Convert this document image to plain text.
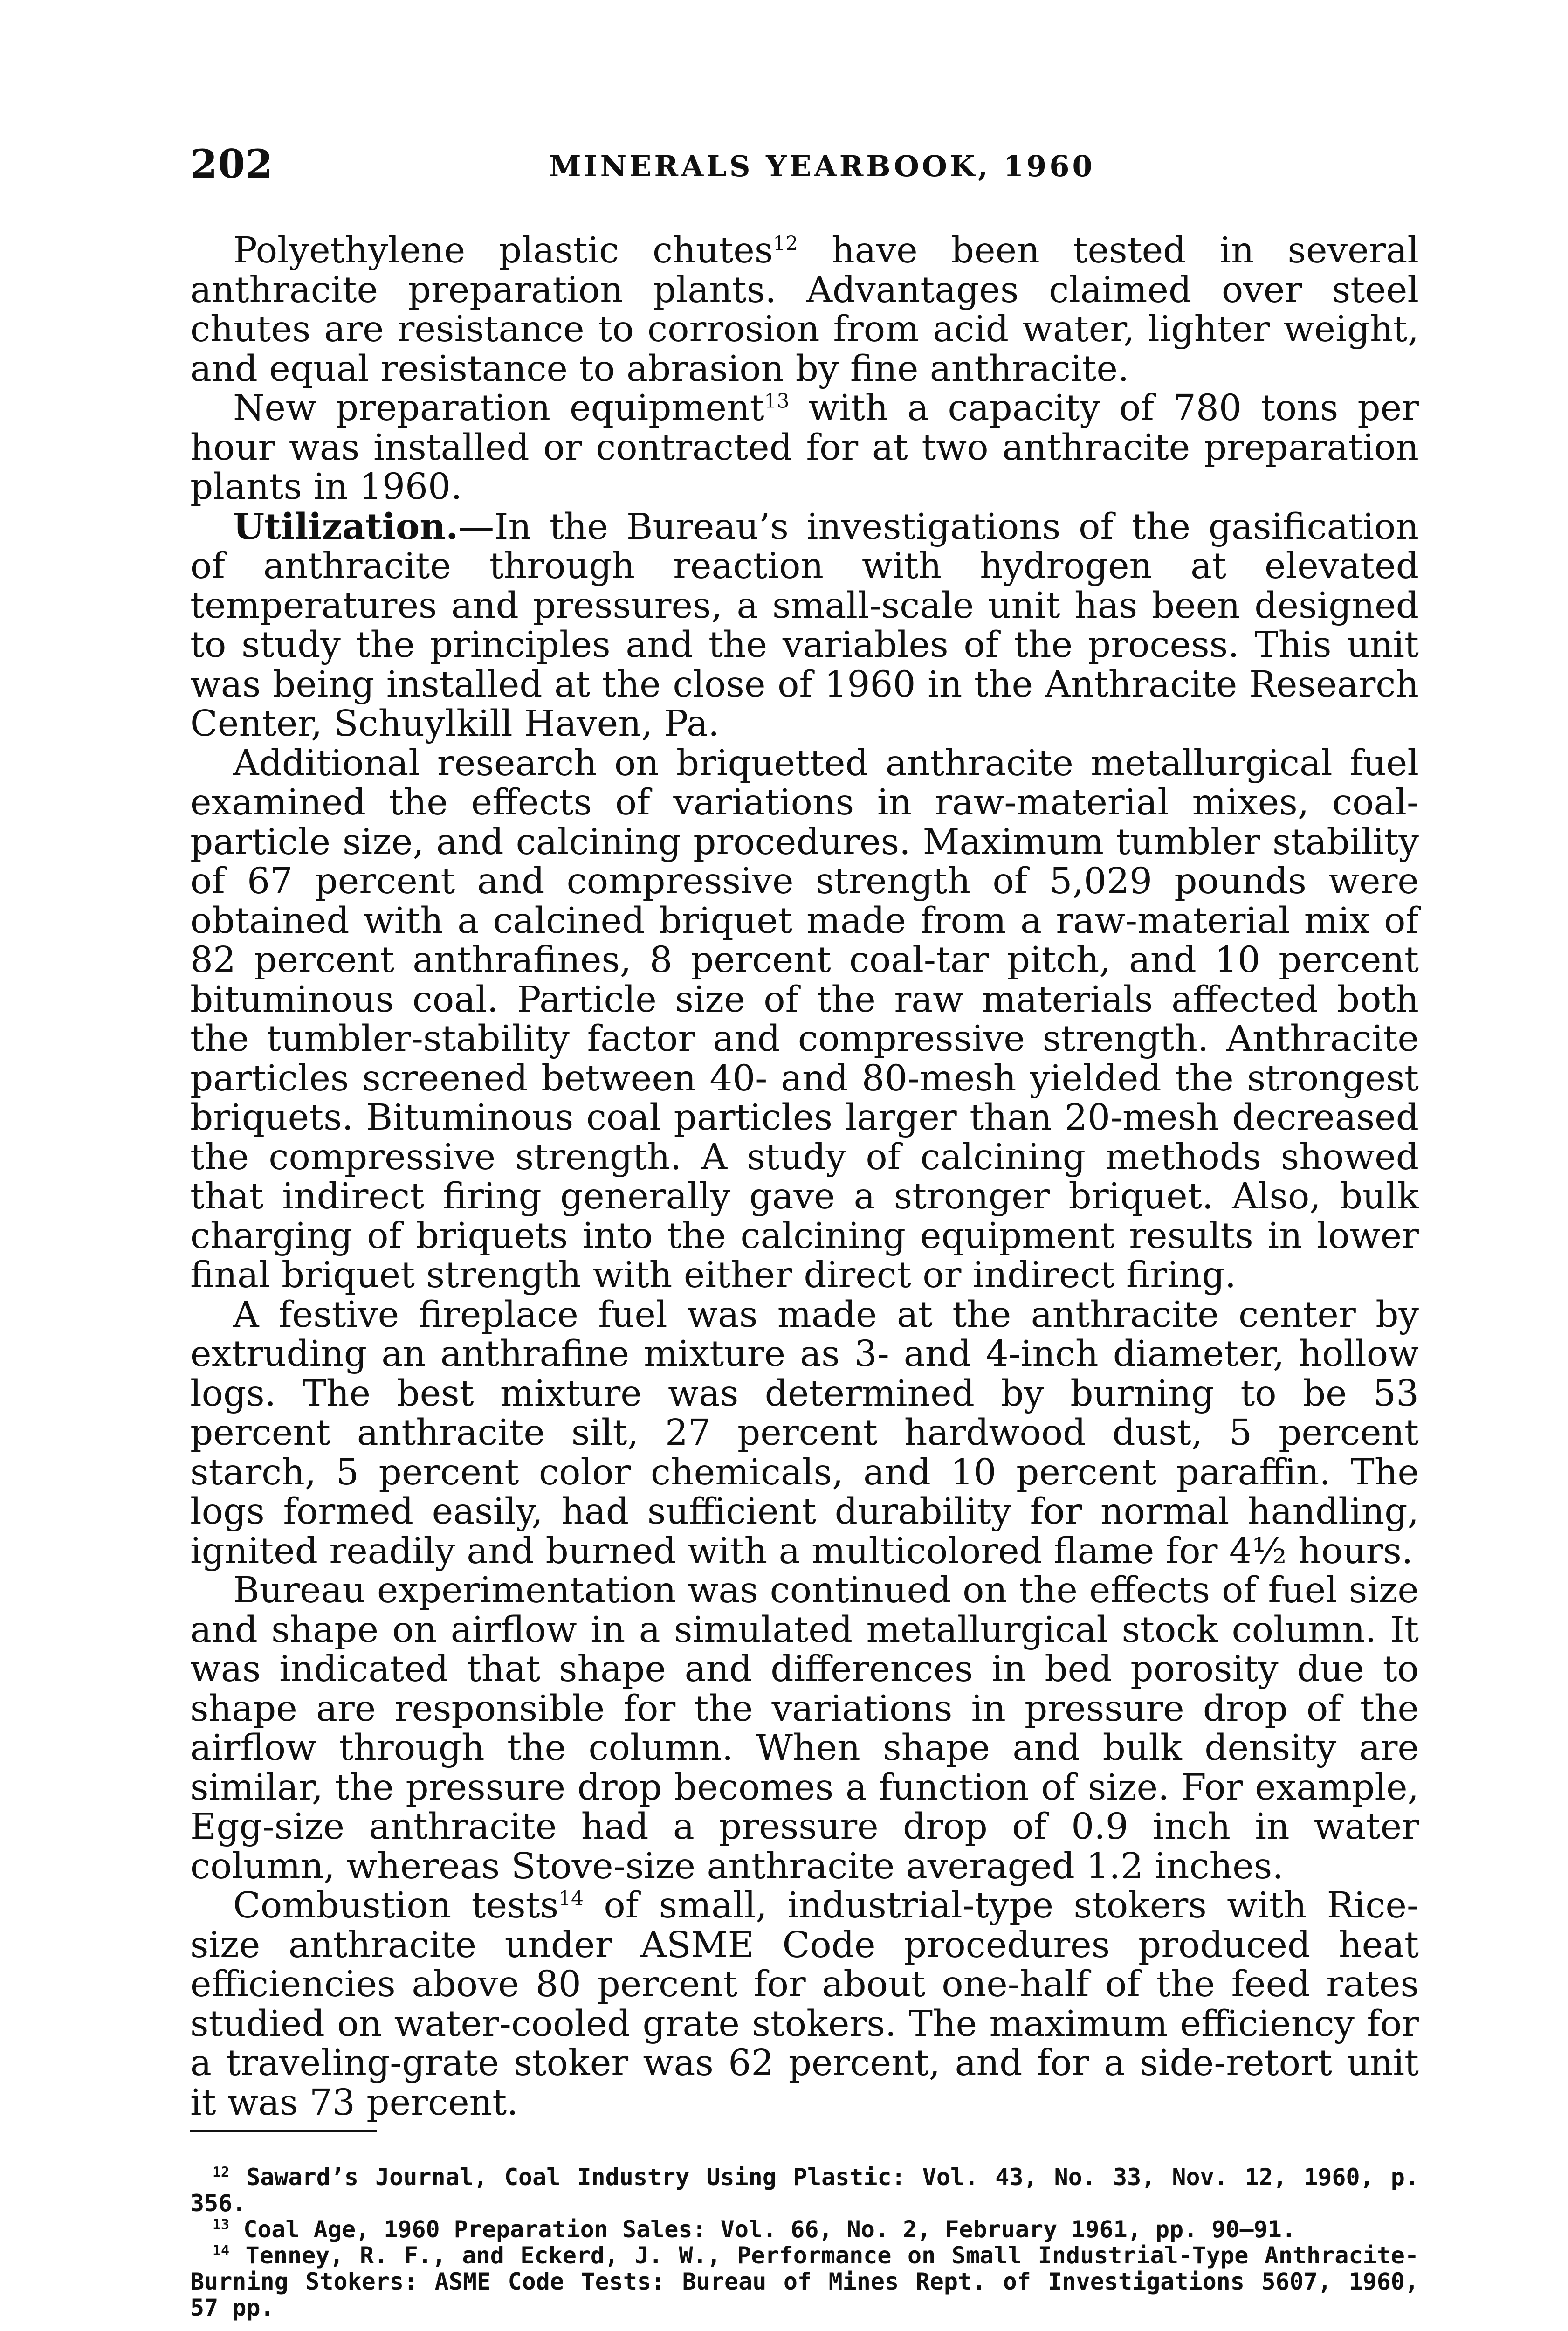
202	MINERALS YEARBOOK, 1960

Polyethylene plastic chutes$^{12}$ have been tested in several anthracite preparation plants. Advantages claimed over steel chutes are resistance to corrosion from acid water, lighter weight, and equal resistance to abrasion by fine anthracite.

New preparation equipment$^{13}$ with a capacity of 780 tons per hour was installed or contracted for at two anthracite preparation plants in 1960.

Utilization.—In the Bureau’s investigations of the gasification of anthracite through reaction with hydrogen at elevated temperatures and pressures, a small-scale unit has been designed to study the principles and the variables of the process. This unit was being installed at the close of 1960 in the Anthracite Research Center, Schuylkill Haven, Pa.

Additional research on briquetted anthracite metallurgical fuel examined the effects of variations in raw-material mixes, coal-particle size, and calcining procedures. Maximum tumbler stability of 67 percent and compressive strength of 5,029 pounds were obtained with a calcined briquet made from a raw-material mix of 82 percent anthrafines, 8 percent coal-tar pitch, and 10 percent bituminous coal. Particle size of the raw materials affected both the tumbler-stability factor and compressive strength. Anthracite particles screened between 40- and 80-mesh yielded the strongest briquets. Bituminous coal particles larger than 20-mesh decreased the compressive strength. A study of calcining methods showed that indirect firing generally gave a stronger briquet. Also, bulk charging of briquets into the calcining equipment results in lower final briquet strength with either direct or indirect firing.

A festive fireplace fuel was made at the anthracite center by extruding an anthrafine mixture as 3- and 4-inch diameter, hollow logs. The best mixture was determined by burning to be 53 percent anthracite silt, 27 percent hardwood dust, 5 percent starch, 5 percent color chemicals, and 10 percent paraffin. The logs formed easily, had sufficient durability for normal handling, ignited readily and burned with a multicolored flame for 4½ hours.

Bureau experimentation was continued on the effects of fuel size and shape on airflow in a simulated metallurgical stock column. It was indicated that shape and differences in bed porosity due to shape are responsible for the variations in pressure drop of the airflow through the column. When shape and bulk density are similar, the pressure drop becomes a function of size. For example, Egg-size anthracite had a pressure drop of 0.9 inch in water column, whereas Stove-size anthracite averaged 1.2 inches.

Combustion tests$^{14}$ of small, industrial-type stokers with Rice-size anthracite under ASME Code procedures produced heat efficiencies above 80 percent for about one-half of the feed rates studied on water-cooled grate stokers. The maximum efficiency for a traveling-grate stoker was 62 percent, and for a side-retort unit it was 73 percent.

$^{12}$ Saward’s Journal, Coal Industry Using Plastic: Vol. 43, No. 33, Nov. 12, 1960, p. 356.

$^{13}$ Coal Age, 1960 Preparation Sales: Vol. 66, No. 2, February 1961, pp. 90–91.

$^{14}$ Tenney, R. F., and Eckerd, J. W., Performance on Small Industrial-Type Anthracite-Burning Stokers: ASME Code Tests: Bureau of Mines Rept. of Investigations 5607, 1960, 57 pp.
